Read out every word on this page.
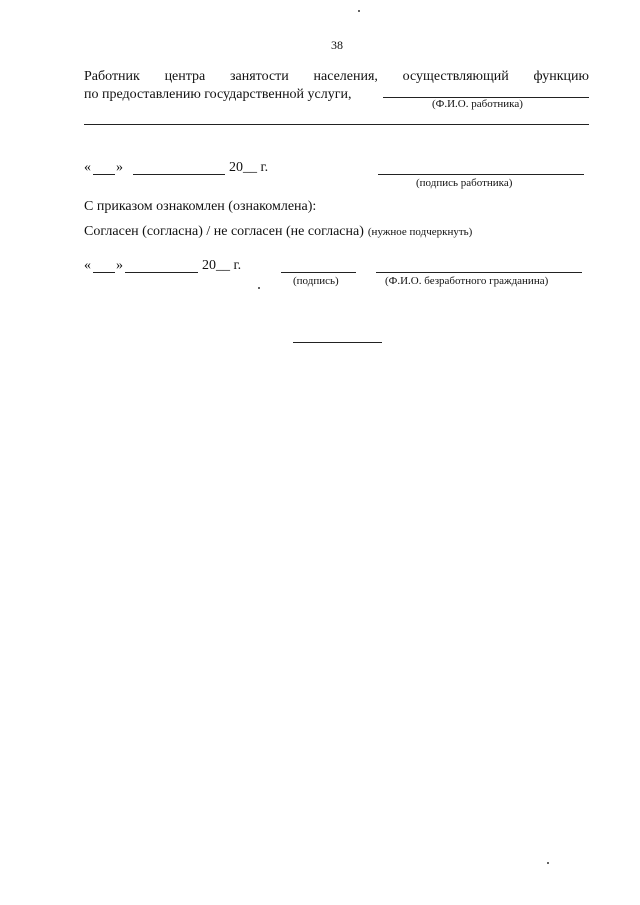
38
Работник центра занятости населения, осуществляющий функцию
по предоставлению государственной услуги,
(Ф.И.О. работника)
« »	20__ г.
(подпись работника)
С приказом ознакомлен (ознакомлена):
Согласен (согласна) / не согласен (не согласна) (нужное подчеркнуть)
« »	20__ г.
(подпись)	(Ф.И.О. безработного гражданина)
